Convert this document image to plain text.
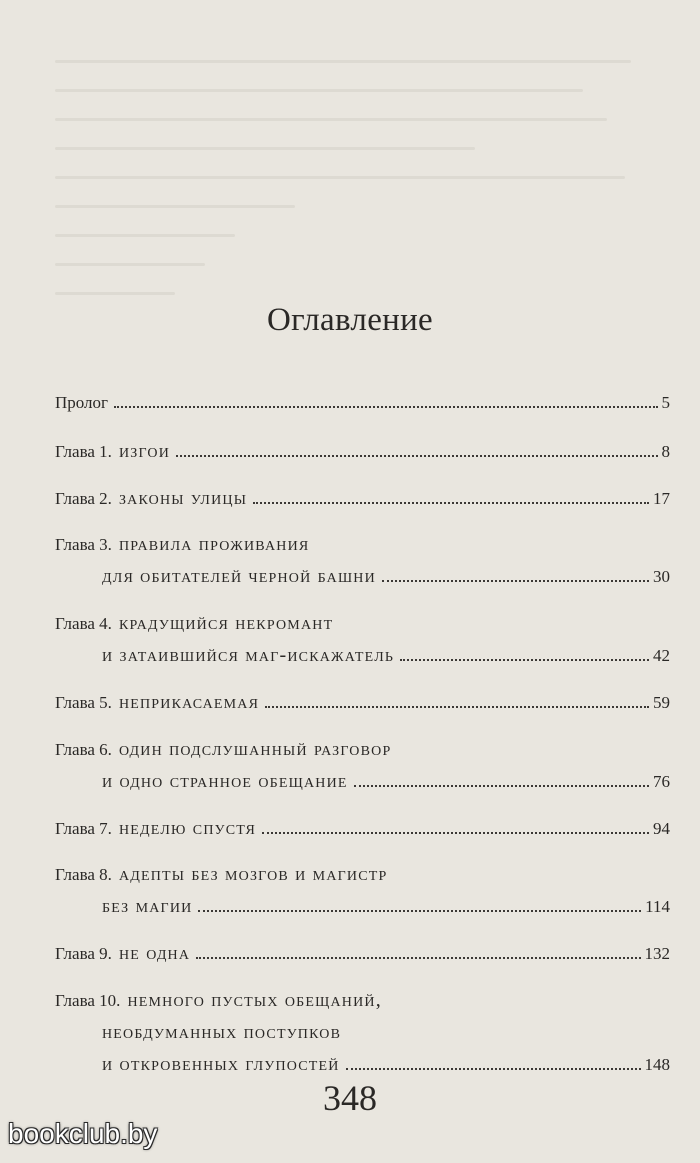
Оглавление
Пролог	5
Глава 1. изгои	8
Глава 2. законы улицы	17
Глава 3. правила проживания
для обитателей черной башни	30
Глава 4. крадущийся некромант
и затаившийся маг-искажатель	42
Глава 5. неприкасаемая	59
Глава 6. один подслушанный разговор
и одно странное обещание	76
Глава 7. неделю спустя	94
Глава 8. адепты без мозгов и магистр
без магии	114
Глава 9. не одна	132
Глава 10. немного пустых обещаний,
необдуманных поступков
и откровенных глупостей	148
348
bookclub.by
